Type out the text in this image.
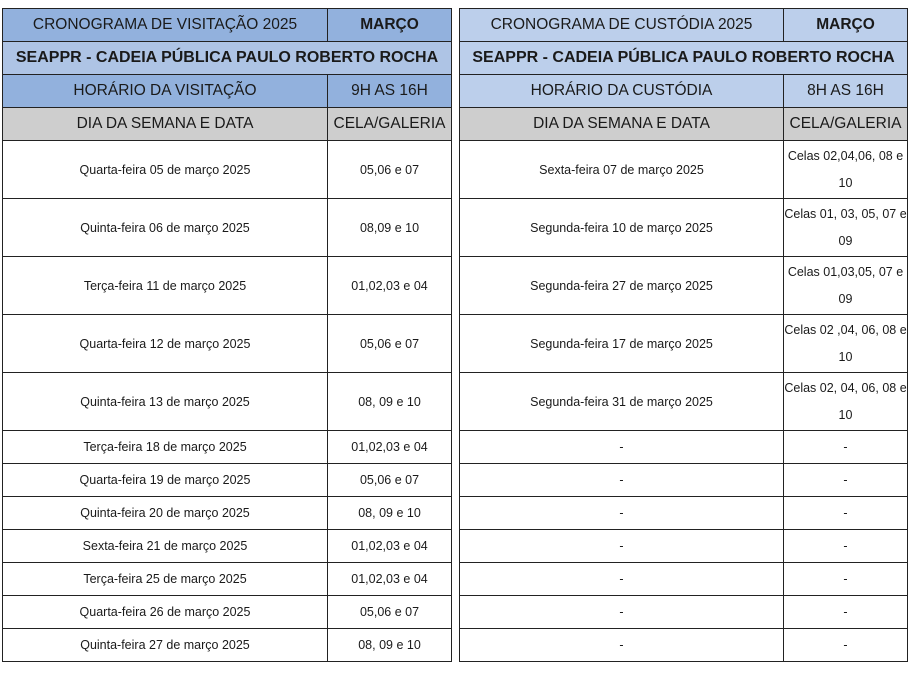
CRONOGRAMA DE VISITAÇÃO 2025	MARÇO
SEAPPR - CADEIA PÚBLICA PAULO ROBERTO ROCHA	
HORÁRIO DA VISITAÇÃO	9H AS 16H
DIA DA SEMANA E DATA	CELA/GALERIA
Quarta-feira 05 de março 2025	05,06 e 07
Quinta-feira 06 de março 2025	08,09 e 10
Terça-feira 11 de março 2025	01,02,03 e 04
Quarta-feira 12 de março 2025	05,06 e 07
Quinta-feira 13 de março 2025	08, 09 e 10
Terça-feira 18 de março 2025	01,02,03 e 04
Quarta-feira 19 de março 2025	05,06 e 07
Quinta-feira 20 de março 2025	08, 09 e 10
Sexta-feira 21 de março 2025	01,02,03 e 04
Terça-feira 25 de março 2025	01,02,03 e 04
Quarta-feira 26 de março 2025	05,06 e 07
Quinta-feira 27 de março 2025	08, 09 e 10
CRONOGRAMA DE CUSTÓDIA 2025	MARÇO
SEAPPR - CADEIA PÚBLICA PAULO ROBERTO ROCHA	
HORÁRIO DA CUSTÓDIA	8H AS 16H
DIA DA SEMANA E DATA	CELA/GALERIA
Sexta-feira 07 de março 2025	Celas 02,04,06, 08 e 10
Segunda-feira 10 de março 2025	Celas 01, 03, 05, 07 e 09
Segunda-feira 27 de março 2025	Celas 01,03,05, 07 e 09
Segunda-feira 17 de março 2025	Celas 02 ,04, 06, 08 e 10
Segunda-feira 31 de março 2025	Celas 02, 04, 06, 08 e 10
-	-
-	-
-	-
-	-
-	-
-	-
-	-
